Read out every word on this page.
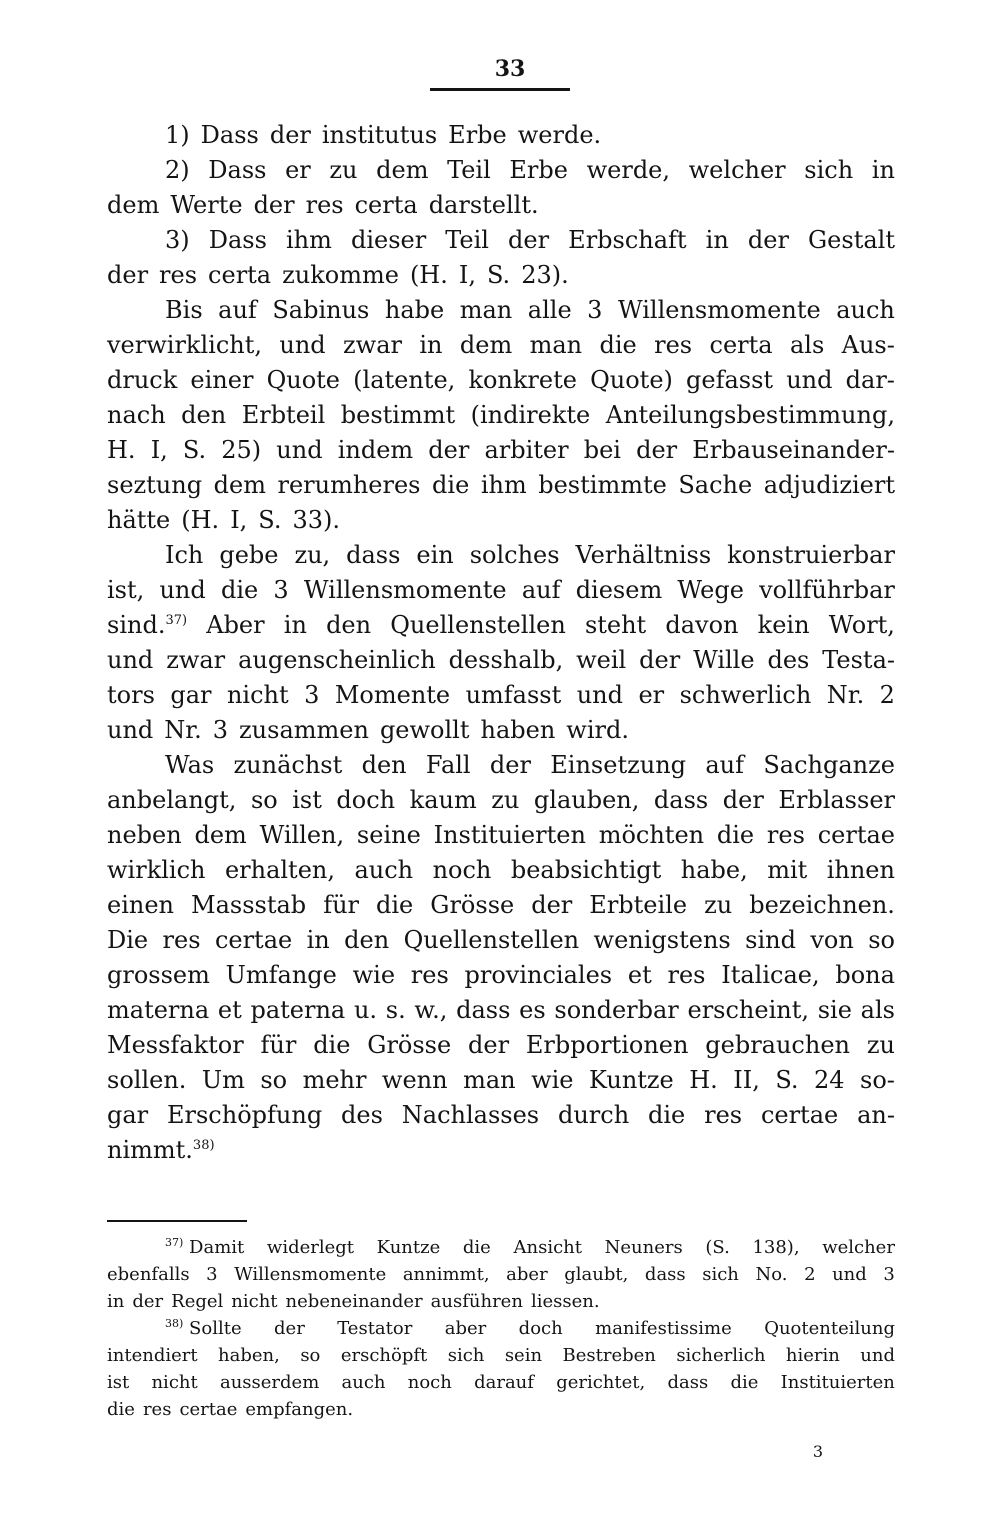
33
1) Dass der institutus Erbe werde.
2) Dass er zu dem Teil Erbe werde, welcher sich in
dem Werte der res certa darstellt.
3) Dass ihm dieser Teil der Erbschaft in der Gestalt
der res certa zukomme (H. I, S. 23).
Bis auf Sabinus habe man alle 3 Willensmomente auch
verwirklicht, und zwar in dem man die res certa als Aus-
druck einer Quote (latente, konkrete Quote) gefasst und dar-
nach den Erbteil bestimmt (indirekte Anteilungsbestimmung,
H. I, S. 25) und indem der arbiter bei der Erbauseinander-
seztung dem rerumheres die ihm bestimmte Sache adjudiziert
hätte (H. I, S. 33).
Ich gebe zu, dass ein solches Verhältniss konstruierbar
ist, und die 3 Willensmomente auf diesem Wege vollführbar
sind.$^{37)}$ Aber in den Quellenstellen steht davon kein Wort,
und zwar augenscheinlich desshalb, weil der Wille des Testa-
tors gar nicht 3 Momente umfasst und er schwerlich Nr. 2
und Nr. 3 zusammen gewollt haben wird.
Was zunächst den Fall der Einsetzung auf Sachganze
anbelangt, so ist doch kaum zu glauben, dass der Erblasser
neben dem Willen, seine Instituierten möchten die res certae
wirklich erhalten, auch noch beabsichtigt habe, mit ihnen
einen Massstab für die Grösse der Erbteile zu bezeichnen.
Die res certae in den Quellenstellen wenigstens sind von so
grossem Umfange wie res provinciales et res Italicae, bona
materna et paterna u. s. w., dass es sonderbar erscheint, sie als
Messfaktor für die Grösse der Erbportionen gebrauchen zu
sollen. Um so mehr wenn man wie Kuntze H. II, S. 24 so-
gar Erschöpfung des Nachlasses durch die res certae an-
nimmt.$^{38)}$
$^{37)}$ Damit widerlegt Kuntze die Ansicht Neuners (S. 138), welcher
ebenfalls 3 Willensmomente annimmt, aber glaubt, dass sich No. 2 und 3
in der Regel nicht nebeneinander ausführen liessen.
$^{38)}$ Sollte der Testator aber doch manifestissime Quotenteilung
intendiert haben, so erschöpft sich sein Bestreben sicherlich hierin und
ist nicht ausserdem auch noch darauf gerichtet, dass die Instituierten
die res certae empfangen.
3
